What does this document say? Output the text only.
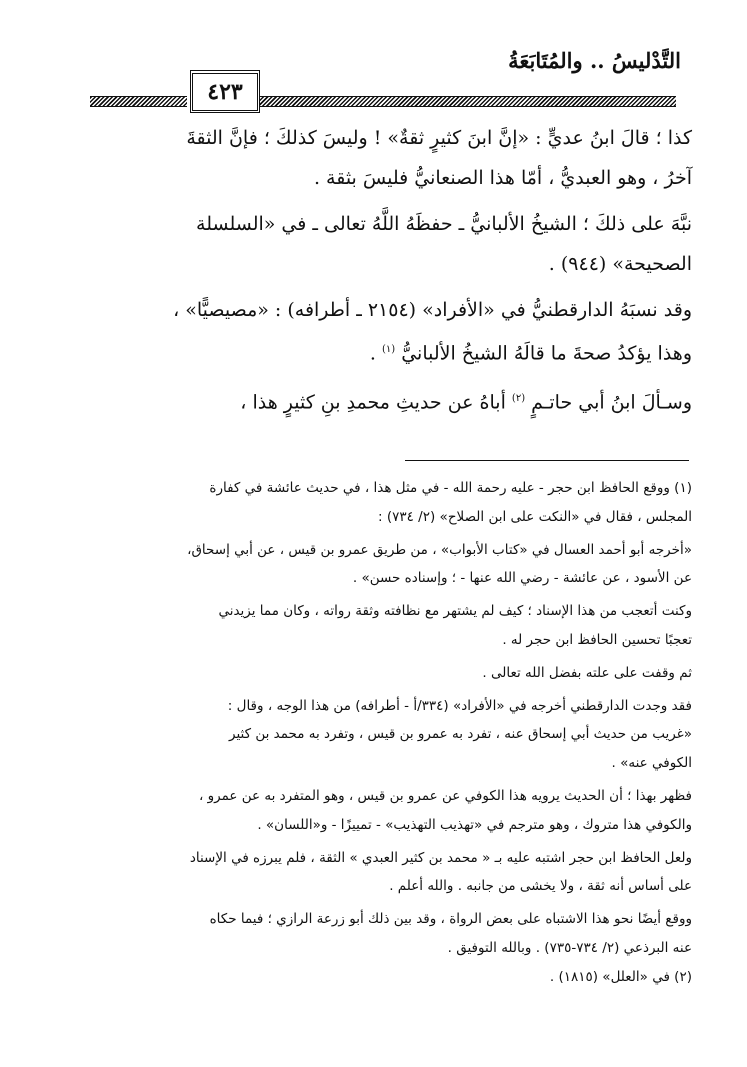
التَّدْليسُ .. والمُتَابَعَةُ
٤٢٣

كذا ؛ قالَ ابنُ عديٍّ : «إنَّ ابنَ كثيرٍ ثقةٌ» ! وليسَ كذلكَ ؛ فإنَّ الثقةَ

آخرُ ، وهو العبديُّ ، أمّا هذا الصنعانيُّ فليسَ بثقة .

نبَّهَ على ذلكَ ؛ الشيخُ الألبانيُّ ـ حفظَهُ اللَّهُ تعالى ـ في «السلسلة

الصحيحة» (٩٤٤) .

وقد نسبَهُ الدارقطنيُّ في «الأفراد» (٢١٥٤ ـ أطرافه) : «مصيصيًّا» ،

وهذا يؤكدُ صحةَ ما قالَهُ الشيخُ الألبانيُّ $^{(١)}$ .

وسـألَ ابنُ أبي حاتـمٍ $^{(٢)}$ أباهُ عن حديثِ محمدِ بنِ كثيرٍ هذا ،

(١) ووقع الحافظ ابن حجر - عليه رحمة الله - في مثل هذا ، في حديث عائشة في كفارة

المجلس ، فقال في «النكت على ابن الصلاح» (٢/ ٧٣٤) :

«أخرجه أبو أحمد العسال في «كتاب الأبواب» ، من طريق عمرو بن قيس ، عن أبي إسحاق،

عن الأسود ، عن عائشة - رضي الله عنها - ؛ وإسناده حسن» .

وكنت أتعجب من هذا الإسناد ؛ كيف لم يشتهر مع نظافته وثقة رواته ، وكان مما يزيدني

تعجبًا تحسين الحافظ ابن حجر له .

ثم وقفت على علته بفضل الله تعالى .

فقد وجدت الدارقطني أخرجه في «الأفراد» (٣٣٤/أ - أطرافه) من هذا الوجه ، وقال :

«غريب من حديث أبي إسحاق عنه ، تفرد به عمرو بن قيس ، وتفرد به محمد بن كثير

الكوفي عنه» .

فظهر بهذا ؛ أن الحديث يرويه هذا الكوفي عن عمرو بن قيس ، وهو المتفرد به عن عمرو ،

والكوفي هذا متروك ، وهو مترجم في «تهذيب التهذيب» - تمييزًا - و«اللسان» .

ولعل الحافظ ابن حجر اشتبه عليه بـ « محمد بن كثير العبدي » الثقة ، فلم يبرزه في الإسناد

على أساس أنه ثقة ، ولا يخشى من جانبه . والله أعلم .

ووقع أيضًا نحو هذا الاشتباه على بعض الرواة ، وقد بين ذلك أبو زرعة الرازي ؛ فيما حكاه

عنه البرذعي (٢/ ٧٣٤-٧٣٥) . وبالله التوفيق .

(٢) في «العلل» (١٨١٥) .
